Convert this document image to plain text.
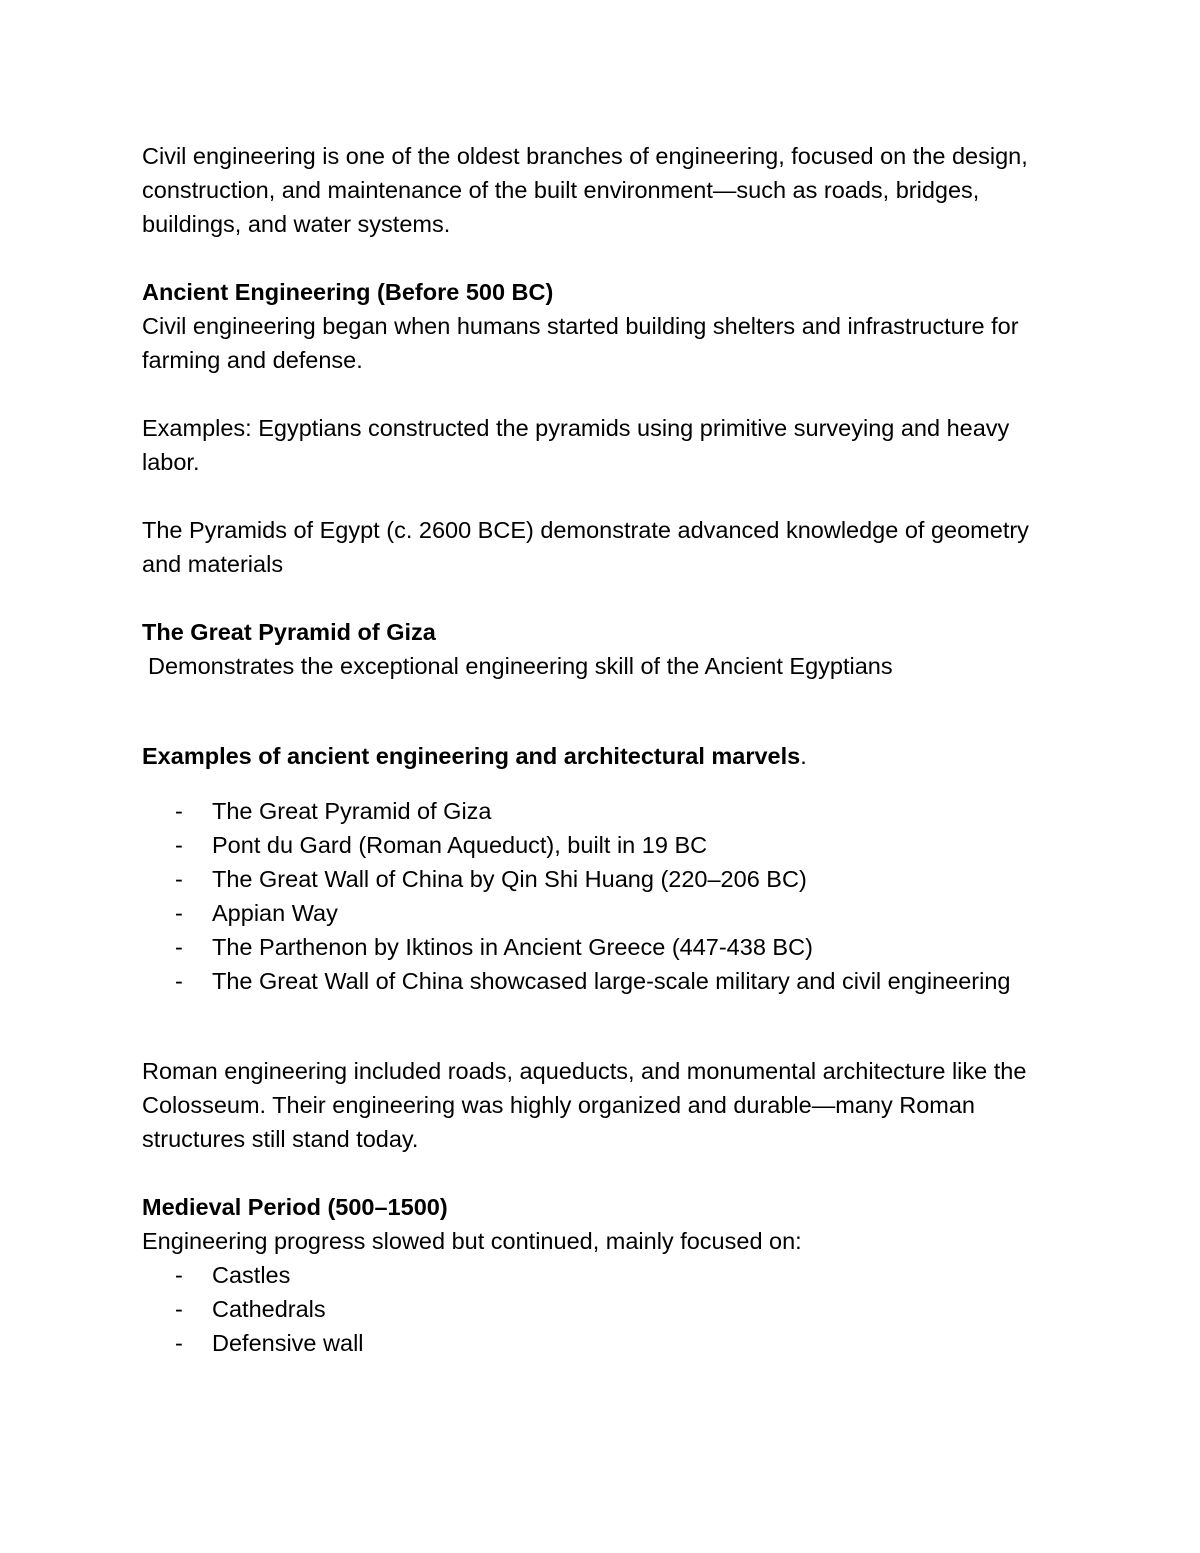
Civil engineering is one of the oldest branches of engineering, focused on the design, construction, and maintenance of the built environment—such as roads, bridges, buildings, and water systems.

Ancient Engineering (Before 500 BC)

Civil engineering began when humans started building shelters and infrastructure for farming and defense.

Examples: Egyptians constructed the pyramids using primitive surveying and heavy labor.

The Pyramids of Egypt (c. 2600 BCE) demonstrate advanced knowledge of geometry and materials

The Great Pyramid of Giza

Demonstrates the exceptional engineering skill of the Ancient Egyptians

Examples of ancient engineering and architectural marvels.

- The Great Pyramid of Giza
- Pont du Gard (Roman Aqueduct), built in 19 BC
- The Great Wall of China by Qin Shi Huang (220–206 BC)
- Appian Way
- The Parthenon by Iktinos in Ancient Greece (447-438 BC)
- The Great Wall of China showcased large-scale military and civil engineering

Roman engineering included roads, aqueducts, and monumental architecture like the Colosseum. Their engineering was highly organized and durable—many Roman structures still stand today.

Medieval Period (500–1500)

Engineering progress slowed but continued, mainly focused on:

- Castles
- Cathedrals
- Defensive wall
